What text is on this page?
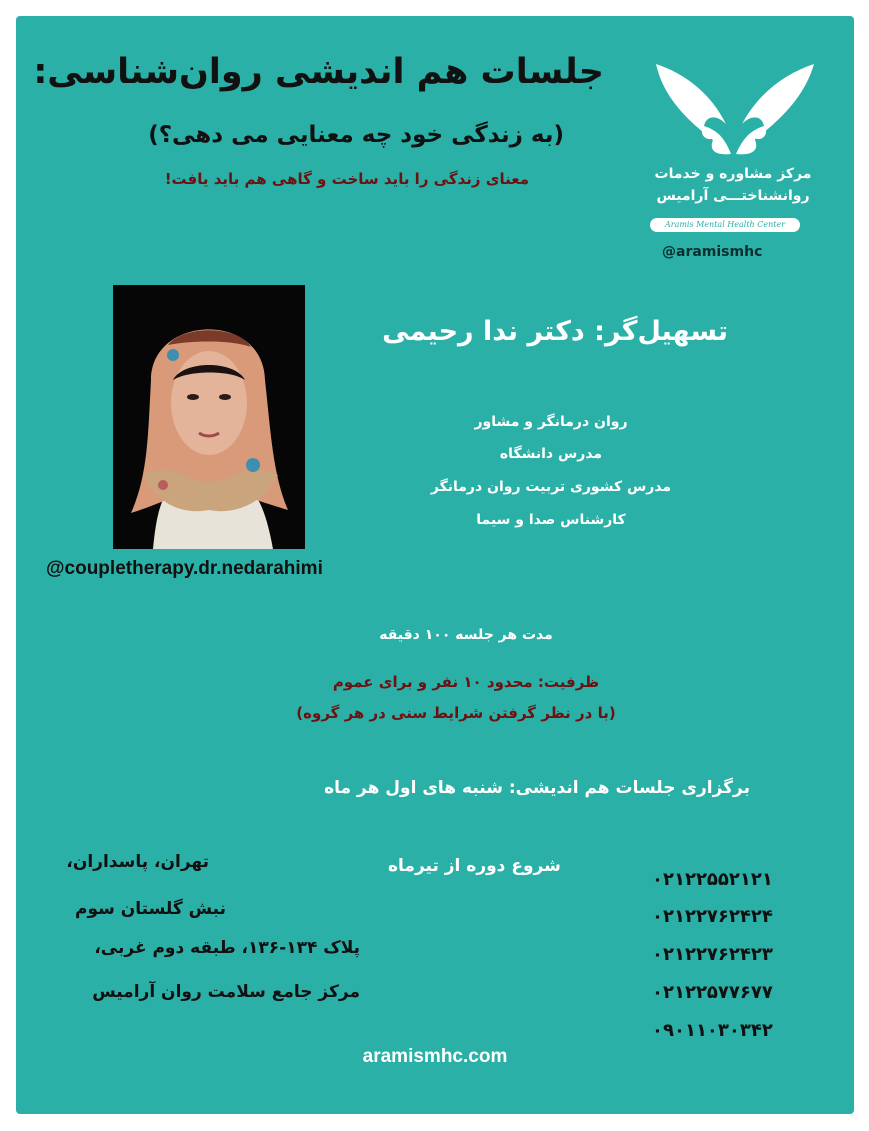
جلسات هم اندیشی روان‌شناسی:
(به زندگی خود چه معنایی می دهی؟)
معنای زندگی را باید ساخت و گاهی هم باید یافت!	مرکز مشاوره و خدمات
روانشناختـــی آرامیس
Aramis Mental Health Center
@aramismhc
تسهیل‌گر: دکتر ندا رحیمی
روان درمانگر و مشاور
مدرس دانشگاه
مدرس کشوری تربیت روان درمانگر
کارشناس صدا و سیما
@coupletherapy.dr.nedarahimi
مدت هر جلسه ۱۰۰ دقیقه
ظرفیت: محدود ۱۰ نفر و برای عموم
(با در نظر گرفتن شرایط سنی در هر گروه)
برگزاری جلسات هم اندیشی: شنبه های اول هر ماه
شروع دوره از تیرماه
تهران، پاسداران،
نبش گلستان سوم
پلاک ۱۳۴-۱۳۶، طبقه دوم غربی،
مرکز جامع سلامت روان آرامیس
۰۲۱۲۲۵۵۲۱۲۱
۰۲۱۲۲۷۶۲۴۲۴
۰۲۱۲۲۷۶۲۴۲۳
۰۲۱۲۲۵۷۷۶۷۷
۰۹۰۱۱۰۳۰۳۴۲
aramismhc.com
